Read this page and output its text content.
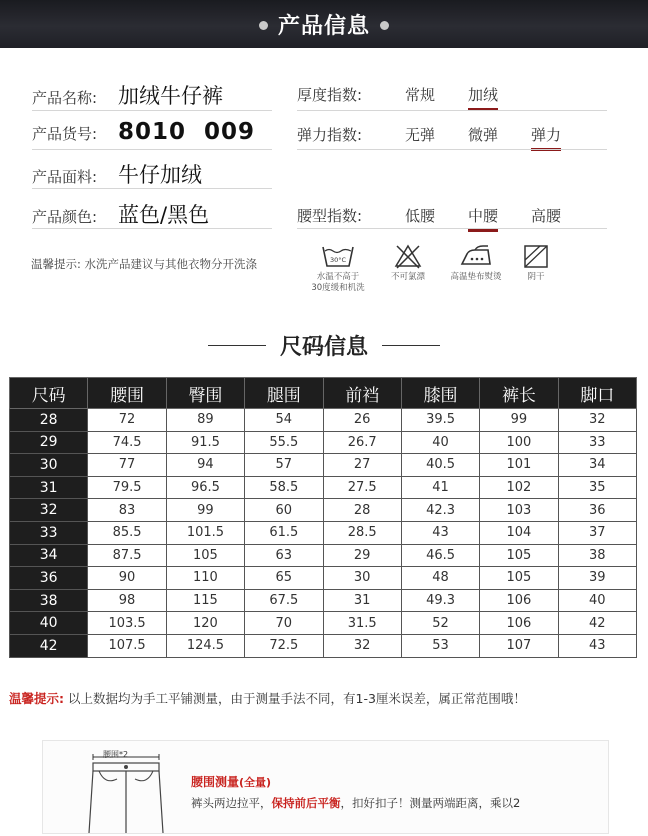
产品信息
产品名称: 加绒牛仔裤
产品货号: 8010  009
产品面料: 牛仔加绒
产品颜色: 蓝色/黑色
厚度指数:	常规 加绒
弹力指数:	无弹 微弹 弹力
腰型指数:	低腰 中腰 高腰
温馨提示: 水洗产品建议与其他衣物分开洗涤	30°C
水温不高于
30度缓和机洗
不可氯漂	高温垫布熨烫	阴干
尺码信息
尺码	腰围	臀围	腿围	前裆	膝围	裤长	脚口
28	72	89	54	26	39.5	99	32
29	74.5	91.5	55.5	26.7	40	100	33
30	77	94	57	27	40.5	101	34
31	79.5	96.5	58.5	27.5	41	102	35
32	83	99	60	28	42.3	103	36
33	85.5	101.5	61.5	28.5	43	104	37
34	87.5	105	63	29	46.5	105	38
36	90	110	65	30	48	105	39
38	98	115	67.5	31	49.3	106	40
40	103.5	120	70	31.5	52	106	42
42	107.5	124.5	72.5	32	53	107	43
温馨提示: 以上数据均为手工平铺测量，由于测量手法不同，有1-3厘米误差，属正常范围哦！
腰围*2
腰围测量(全量)
裤头两边拉平，保持前后平衡，扣好扣子！测量两端距离，乘以2
